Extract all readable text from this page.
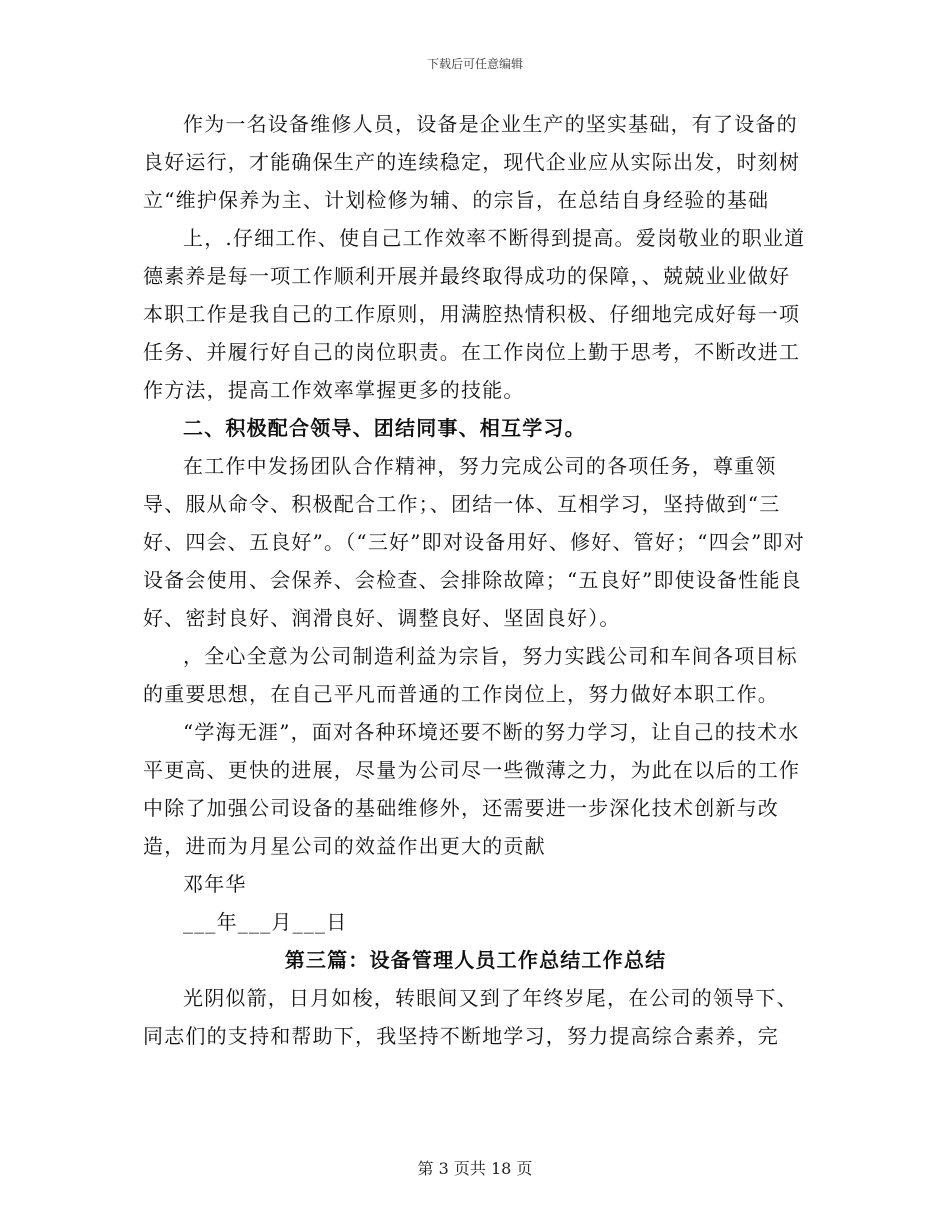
下载后可任意编辑

作为一名设备维修人员，设备是企业生产的坚实基础，有了设备的良好运行，才能确保生产的连续稳定，现代企业应从实际出发，时刻树立“维护保养为主、计划检修为辅、的宗旨，在总结自身经验的基础

上，.仔细工作、使自己工作效率不断得到提高。爱岗敬业的职业道德素养是每一项工作顺利开展并最终取得成功的保障，、兢兢业业做好本职工作是我自己的工作原则，用满腔热情积极、仔细地完成好每一项任务、并履行好自己的岗位职责。在工作岗位上勤于思考，不断改进工作方法，提高工作效率掌握更多的技能。

二、积极配合领导、团结同事、相互学习。

在工作中发扬团队合作精神，努力完成公司的各项任务，尊重领导、服从命令、积极配合工作；、团结一体、互相学习，坚持做到“三好、四会、五良好”。（“三好”即对设备用好、修好、管好；“四会”即对设备会使用、会保养、会检查、会排除故障；“五良好”即使设备性能良好、密封良好、润滑良好、调整良好、坚固良好）。

，全心全意为公司制造利益为宗旨，努力实践公司和车间各项目标的重要思想，在自己平凡而普通的工作岗位上，努力做好本职工作。

“学海无涯”，面对各种环境还要不断的努力学习，让自己的技术水平更高、更快的进展，尽量为公司尽一些微薄之力，为此在以后的工作中除了加强公司设备的基础维修外，还需要进一步深化技术创新与改造，进而为月星公司的效益作出更大的贡献

邓年华

___年___月___日

第三篇：设备管理人员工作总结工作总结

光阴似箭，日月如梭，转眼间又到了年终岁尾，在公司的领导下、同志们的支持和帮助下，我坚持不断地学习，努力提高综合素养，完

第 3 页共 18 页
